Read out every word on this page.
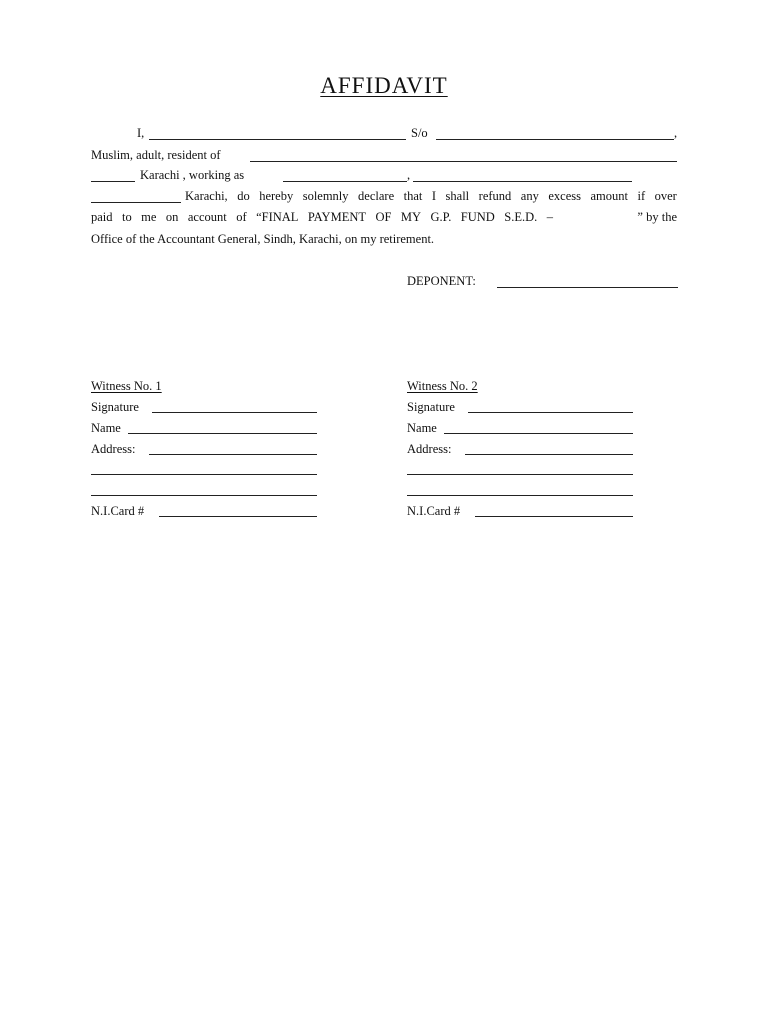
AFFIDAVIT
I,	S/o	,
Muslim, adult, resident of
Karachi , working as	,
Karachi, do hereby solemnly declare that I shall refund any excess amount if over
paid to me on account of “FINAL PAYMENT OF MY G.P. FUND S.E.D. –	” by the
Office of the Accountant General, Sindh, Karachi, on my retirement.
DEPONENT:
Witness No. 1
Signature
Name
Address:
N.I.Card #
Witness No. 2
Signature
Name
Address:
N.I.Card #
